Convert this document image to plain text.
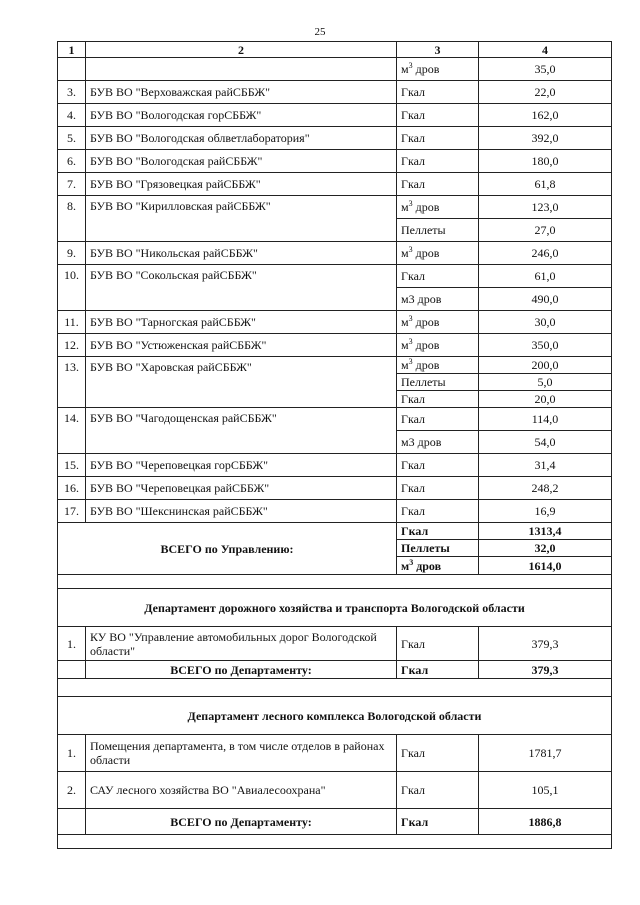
25
1	2	3	4
		$м^3$ дров	35,0
3.	БУВ ВО "Верховажская райСББЖ"	Гкал	22,0
4.	БУВ ВО "Вологодская горСББЖ"	Гкал	162,0
5.	БУВ ВО "Вологодская облветлаборатория"	Гкал	392,0
6.	БУВ ВО "Вологодская райСББЖ"	Гкал	180,0
7.	БУВ ВО "Грязовецкая райСББЖ"	Гкал	61,8
8.	БУВ ВО "Кирилловская райСББЖ"	$м^3$ дров	123,0
		Пеллеты	27,0
9.	БУВ ВО "Никольская райСББЖ"	$м^3$ дров	246,0
10.	БУВ ВО "Сокольская райСББЖ"	Гкал	61,0
		м3 дров	490,0
11.	БУВ ВО "Тарногская райСББЖ"	$м^3$ дров	30,0
12.	БУВ ВО "Устюженская райСББЖ"	$м^3$ дров	350,0
13.	БУВ ВО "Харовская райСББЖ"	$м^3$ дров	200,0
		Пеллеты	5,0
		Гкал	20,0
14.	БУВ ВО "Чагодощенская райСББЖ"	Гкал	114,0
		м3 дров	54,0
15.	БУВ ВО "Череповецкая горСББЖ"	Гкал	31,4
16.	БУВ ВО "Череповецкая райСББЖ"	Гкал	248,2
17.	БУВ ВО "Шекснинская райСББЖ"	Гкал	16,9
ВСЕГО по Управлению:		Гкал	1313,4
		Пеллеты	32,0
		$м^3$ дров	1614,0

Департамент дорожного хозяйства и транспорта Вологодской области			
1.	КУ ВО "Управление автомобильных дорог Вологодской области"	Гкал	379,3
	ВСЕГО по Департаменту:	Гкал	379,3

Департамент лесного комплекса Вологодской области			
1.	Помещения департамента, в том числе отделов в районах области	Гкал	1781,7
2.	САУ лесного хозяйства ВО "Авиалесоохрана"	Гкал	105,1
	ВСЕГО по Департаменту:	Гкал	1886,8
